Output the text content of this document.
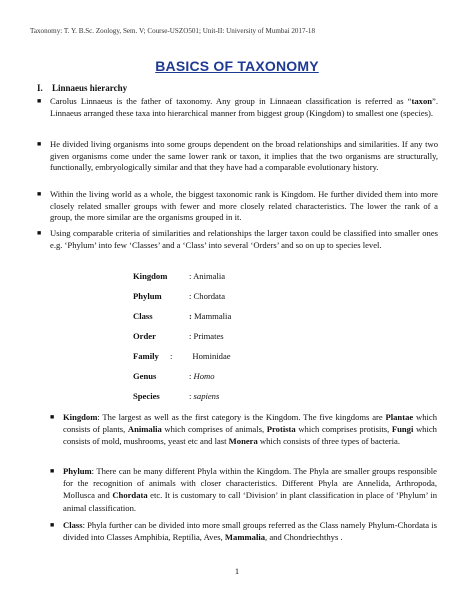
Taxonomy: T. Y. B.Sc. Zoology, Sem. V; Course-USZO501; Unit-II: University of Mumbai 2017-18
BASICS OF TAXONOMY
I. Linnaeus hierarchy
■ Carolus Linnaeus is the father of taxonomy. Any group in Linnaean classification is referred as “taxon”. Linnaeus arranged these taxa into hierarchical manner from biggest group (Kingdom) to smallest one (species).
■ He divided living organisms into some groups dependent on the broad relationships and similarities. If any two given organisms come under the same lower rank or taxon, it implies that the two organisms are structurally, functionally, embryologically similar and that they have had a comparable evolutionary history.
■ Within the living world as a whole, the biggest taxonomic rank is Kingdom. He further divided them into more closely related smaller groups with fewer and more closely related characteristics. The lower the rank of a group, the more similar are the organisms grouped in it.
■ Using comparable criteria of similarities and relationships the larger taxon could be classified into smaller ones e.g. ‘Phylum’ into few ‘Classes’ and a ‘Class’ into several ‘Orders’ and so on up to species level.
Kingdom	: Animalia
Phylum	: Chordata
Class	: Mammalia
Order	: Primates
Family : Hominidae
Genus	: Homo
Species	: sapiens
■ Kingdom: The largest as well as the first category is the Kingdom. The five kingdoms are Plantae which consists of plants, Animalia which comprises of animals, Protista which comprises protisits, Fungi which consists of mold, mushrooms, yeast etc and last Monera which consists of three types of bacteria.
■ Phylum: There can be many different Phyla within the Kingdom. The Phyla are smaller groups responsible for the recognition of animals with closer characteristics. Different Phyla are Annelida, Arthropoda, Mollusca and Chordata etc. It is customary to call ‘Division’ in plant classification in place of ‘Phylum’ in animal classification.
■ Class: Phyla further can be divided into more small groups referred as the Class namely Phylum-Chordata is divided into Classes Amphibia, Reptilia, Aves, Mammalia, and Chondriechthys .
1
